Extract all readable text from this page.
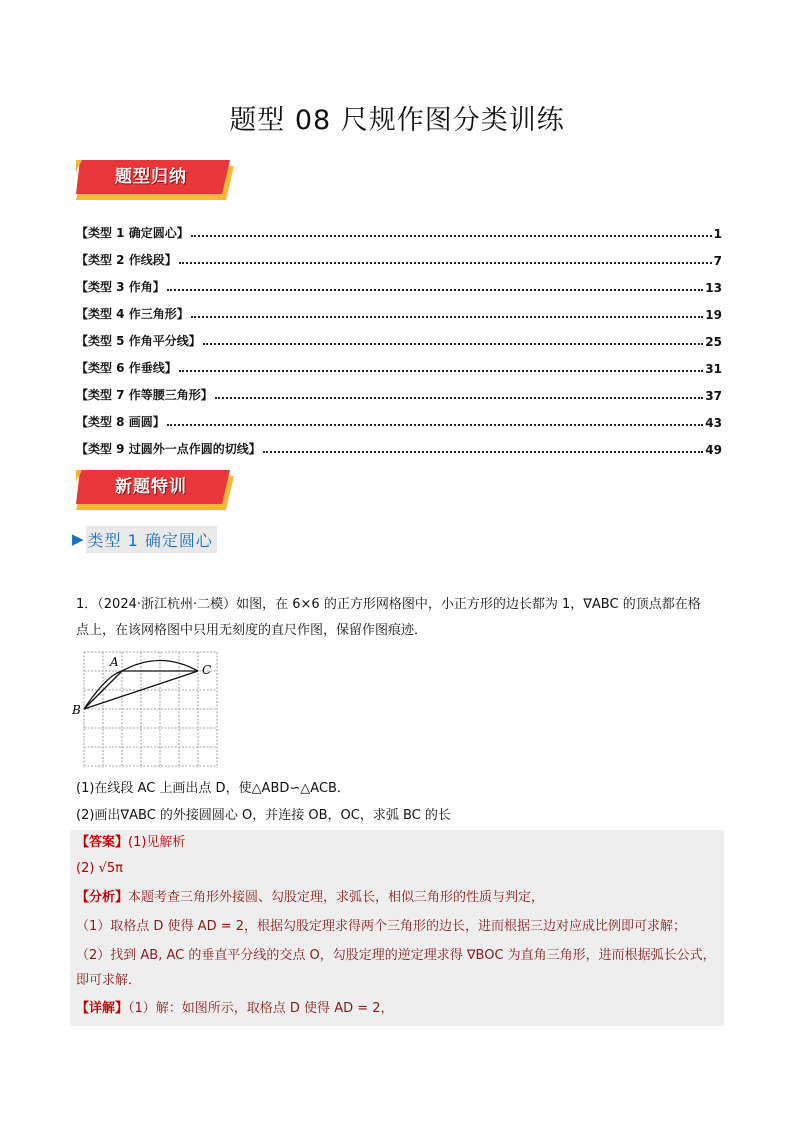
题型 08 尺规作图分类训练
题型归纳
【类型 1 确定圆心】	1
【类型 2 作线段】	7
【类型 3 作角】	13
【类型 4 作三角形】	19
【类型 5 作角平分线】	25
【类型 6 作垂线】	31
【类型 7 作等腰三角形】	37
【类型 8 画圆】	43
【类型 9 过圆外一点作圆的切线】	49
新题特训
▶ 类型 1 确定圆心
1．（2024·浙江杭州·二模）如图，在 6×6 的正方形网格图中，小正方形的边长都为 1，∇ABC 的顶点都在格
点上，在该网格图中只用无刻度的直尺作图，保留作图痕迹．
A
B
C
(1)在线段 AC 上画出点 D，使△ABD∽△ACB．
(2)画出∇ABC 的外接圆圆心 O，并连接 OB，OC，求弧 BC 的长
【答案】(1)见解析
(2) √5π
【分析】本题考查三角形外接圆、勾股定理，求弧长，相似三角形的性质与判定，
（1）取格点 D 使得 AD = 2，根据勾股定理求得两个三角形的边长，进而根据三边对应成比例即可求解；
（2）找到 AB, AC 的垂直平分线的交点 O，勾股定理的逆定理求得 ∇BOC 为直角三角形，进而根据弧长公式，
即可求解．
【详解】（1）解：如图所示，取格点 D 使得 AD = 2，
